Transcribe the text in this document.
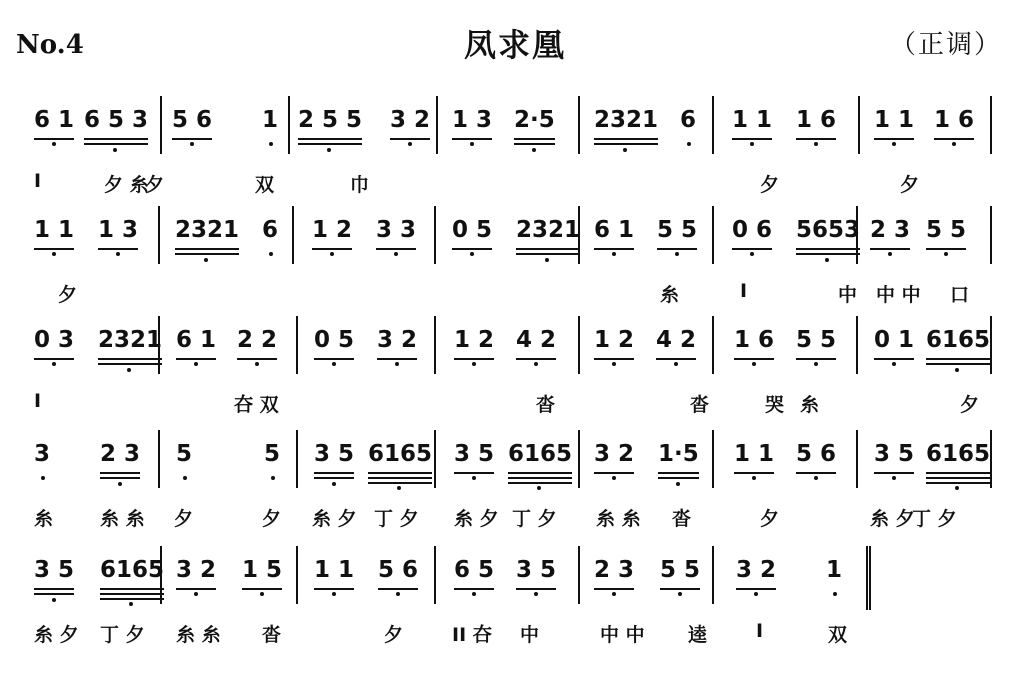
No.4	凤求凰	（正调）
6 1 6 5 3 5 6 1 2 5 5 3 2 1 3 2·5 2321 6 1 1 1 6 1 1 1 6
I	夕 糸
夕	双	巾	夕	夕
1 1 1 3 2321 6 1 2 3 3 0 5 2321 6 1 5 5 0 6 5653 2 3 5 5
夕	糸	I	中 中 中 口
0 3 2321 6 1 2 2 0 5 3 2 1 2 4 2 1 2 4 2 1 6 5 5 0 1 6165
I	夻 双	沓	沓	哭 糸	夕
3 2 3 5	5 3 5 6165 3 5 6165 3 2 1·5 1 1 5 6 3 5 6165
糸 糸 糸 夕	夕 糸 夕 丁 夕 糸 夕 丁 夕 糸 糸 沓	夕	糸 夕
丁 夕
3 5 6165 3 2 1 5 1 1 5 6 6 5 3 5 2 3 5 5 3 2 1
糸 夕 丁 夕 糸 糸 沓	夕	II 夻 中	中 中 逵	I	双
